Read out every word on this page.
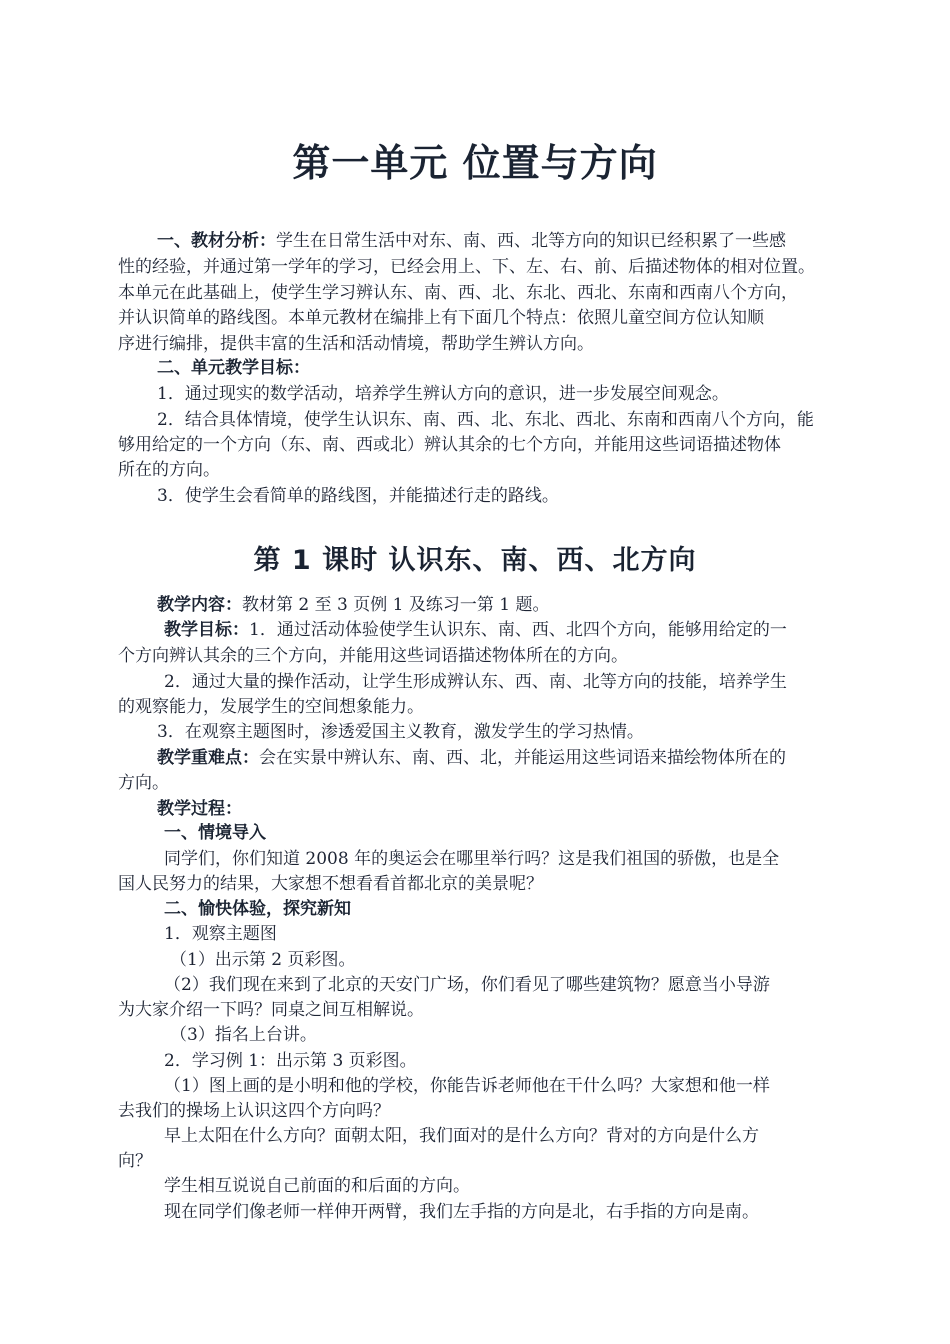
第一单元 位置与方向
一、教材分析：学生在日常生活中对东、南、西、北等方向的知识已经积累了一些感
性的经验，并通过第一学年的学习，已经会用上、下、左、右、前、后描述物体的相对位置。
本单元在此基础上，使学生学习辨认东、南、西、北、东北、西北、东南和西南八个方向，
并认识简单的路线图。本单元教材在编排上有下面几个特点：依照儿童空间方位认知顺
序进行编排，提供丰富的生活和活动情境，帮助学生辨认方向。
二、单元教学目标：
1．通过现实的数学活动，培养学生辨认方向的意识，进一步发展空间观念。
2．结合具体情境，使学生认识东、南、西、北、东北、西北、东南和西南八个方向，能
够用给定的一个方向（东、南、西或北）辨认其余的七个方向，并能用这些词语描述物体
所在的方向。
3．使学生会看简单的路线图，并能描述行走的路线。
第 1 课时 认识东、南、西、北方向
教学内容：教材第 2 至 3 页例 1 及练习一第 1 题。
教学目标：1．通过活动体验使学生认识东、南、西、北四个方向，能够用给定的一
个方向辨认其余的三个方向，并能用这些词语描述物体所在的方向。
2．通过大量的操作活动，让学生形成辨认东、西、南、北等方向的技能，培养学生
的观察能力，发展学生的空间想象能力。
3．在观察主题图时，渗透爱国主义教育，激发学生的学习热情。
教学重难点：会在实景中辨认东、南、西、北，并能运用这些词语来描绘物体所在的
方向。
教学过程：
一、情境导入
同学们，你们知道 2008 年的奥运会在哪里举行吗？这是我们祖国的骄傲，也是全
国人民努力的结果，大家想不想看看首都北京的美景呢？
二、愉快体验，探究新知
1．观察主题图
（1）出示第 2 页彩图。
（2）我们现在来到了北京的天安门广场，你们看见了哪些建筑物？愿意当小导游
为大家介绍一下吗？同桌之间互相解说。
（3）指名上台讲。
2．学习例 1：出示第 3 页彩图。
（1）图上画的是小明和他的学校，你能告诉老师他在干什么吗？大家想和他一样
去我们的操场上认识这四个方向吗？
早上太阳在什么方向？面朝太阳，我们面对的是什么方向？背对的方向是什么方
向？
学生相互说说自己前面的和后面的方向。
现在同学们像老师一样伸开两臂，我们左手指的方向是北，右手指的方向是南。
